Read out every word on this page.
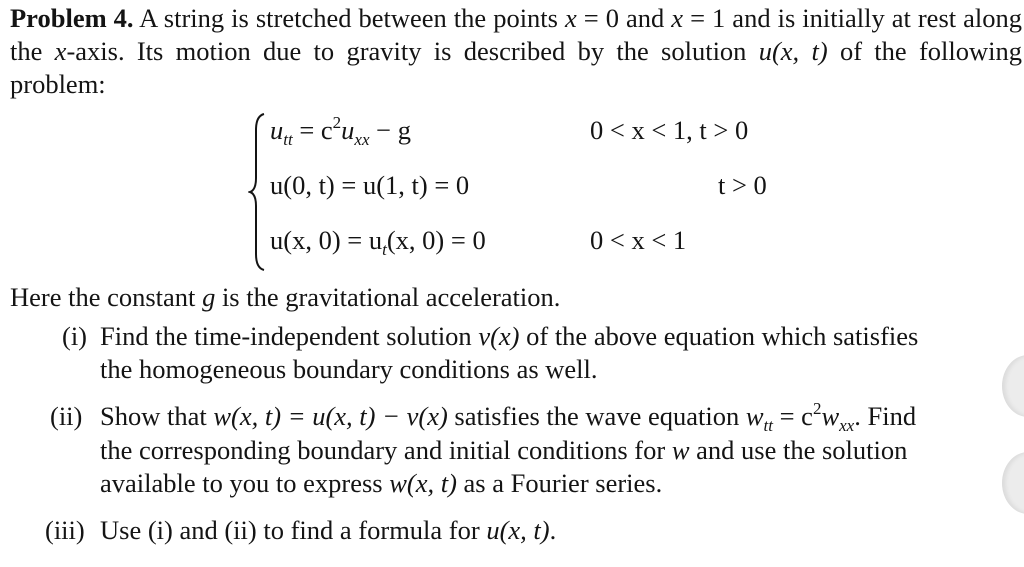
Problem 4. A string is stretched between the points x = 0 and x = 1 and is initially at rest along the x-axis. Its motion due to gravity is described by the solution u(x, t) of the following problem:
$u_{tt} = c^2u_{xx} - g$	0 < x < 1, t > 0
u(0, t) = u(1, t) = 0	t > 0
u(x, $0) = u_t(x$, 0) = 0	0 < x < 1
Here the constant g is the gravitational acceleration.
(i) Find the time-independent solution v(x) of the above equation which satisfies
the homogeneous boundary conditions as well.
(ii) Show that w(x, t) = u(x, t) − v(x) satisfies the wave equation $w_{tt} = c^2w_{xx}$. Find
the corresponding boundary and initial conditions for w and use the solution
available to you to express w(x, t) as a Fourier series.
(iii) Use (i) and (ii) to find a formula for u(x, t).
